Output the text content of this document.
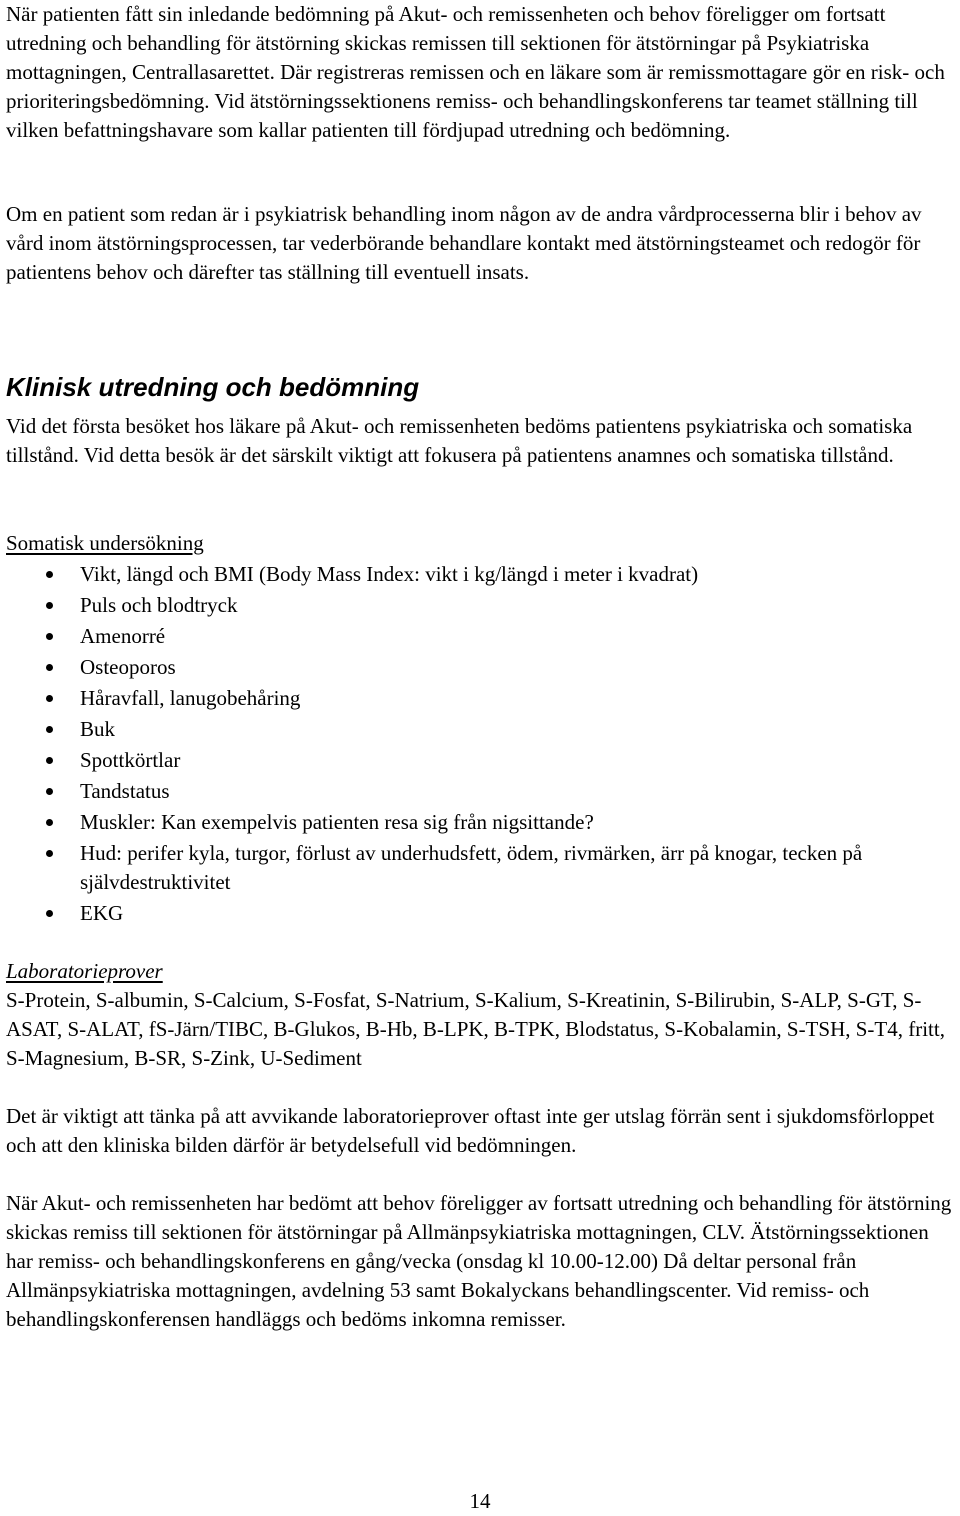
När patienten fått sin inledande bedömning på Akut- och remissenheten och behov föreligger om fortsatt utredning och behandling för ätstörning skickas remissen till sektionen för ätstörningar på Psykiatriska mottagningen, Centrallasarettet. Där registreras remissen och en läkare som är remissmottagare gör en risk- och prioriteringsbedömning. Vid ätstörningssektionens remiss- och behandlingskonferens tar teamet ställning till vilken befattningshavare som kallar patienten till fördjupad utredning och bedömning.

Om en patient som redan är i psykiatrisk behandling inom någon av de andra vårdprocesserna blir i behov av vård inom ätstörningsprocessen, tar vederbörande behandlare kontakt med ätstörningsteamet och redogör för patientens behov och därefter tas ställning till eventuell insats.

Klinisk utredning och bedömning

Vid det första besöket hos läkare på Akut- och remissenheten bedöms patientens psykiatriska och somatiska tillstånd. Vid detta besök är det särskilt viktigt att fokusera på patientens anamnes och somatiska tillstånd.

Somatisk undersökning

Vikt, längd och BMI (Body Mass Index: vikt i kg/längd i meter i kvadrat)
Puls och blodtryck
Amenorré
Osteoporos
Håravfall, lanugobehåring
Buk
Spottkörtlar
Tandstatus
Muskler: Kan exempelvis patienten resa sig från nigsittande?
Hud: perifer kyla, turgor, förlust av underhudsfett, ödem, rivmärken, ärr på knogar, tecken på självdestruktivitet
EKG

Laboratorieprover

S-Protein, S-albumin, S-Calcium, S-Fosfat, S-Natrium, S-Kalium, S-Kreatinin, S-Bilirubin, S-ALP, S-GT, S-ASAT, S-ALAT, fS-Järn/TIBC, B-Glukos, B-Hb, B-LPK, B-TPK, Blodstatus, S-Kobalamin, S-TSH, S-T4, fritt, S-Magnesium, B-SR, S-Zink, U-Sediment

Det är viktigt att tänka på att avvikande laboratorieprover oftast inte ger utslag förrän sent i sjukdomsförloppet och att den kliniska bilden därför är betydelsefull vid bedömningen.

När Akut- och remissenheten har bedömt att behov föreligger av fortsatt utredning och behandling för ätstörning skickas remiss till sektionen för ätstörningar på Allmänpsykiatriska mottagningen, CLV. Ätstörningssektionen har remiss- och behandlingskonferens en gång/vecka (onsdag kl 10.00-12.00) Då deltar personal från Allmänpsykiatriska mottagningen, avdelning 53 samt Bokalyckans behandlingscenter. Vid remiss- och behandlingskonferensen handläggs och bedöms inkomna remisser.

14
